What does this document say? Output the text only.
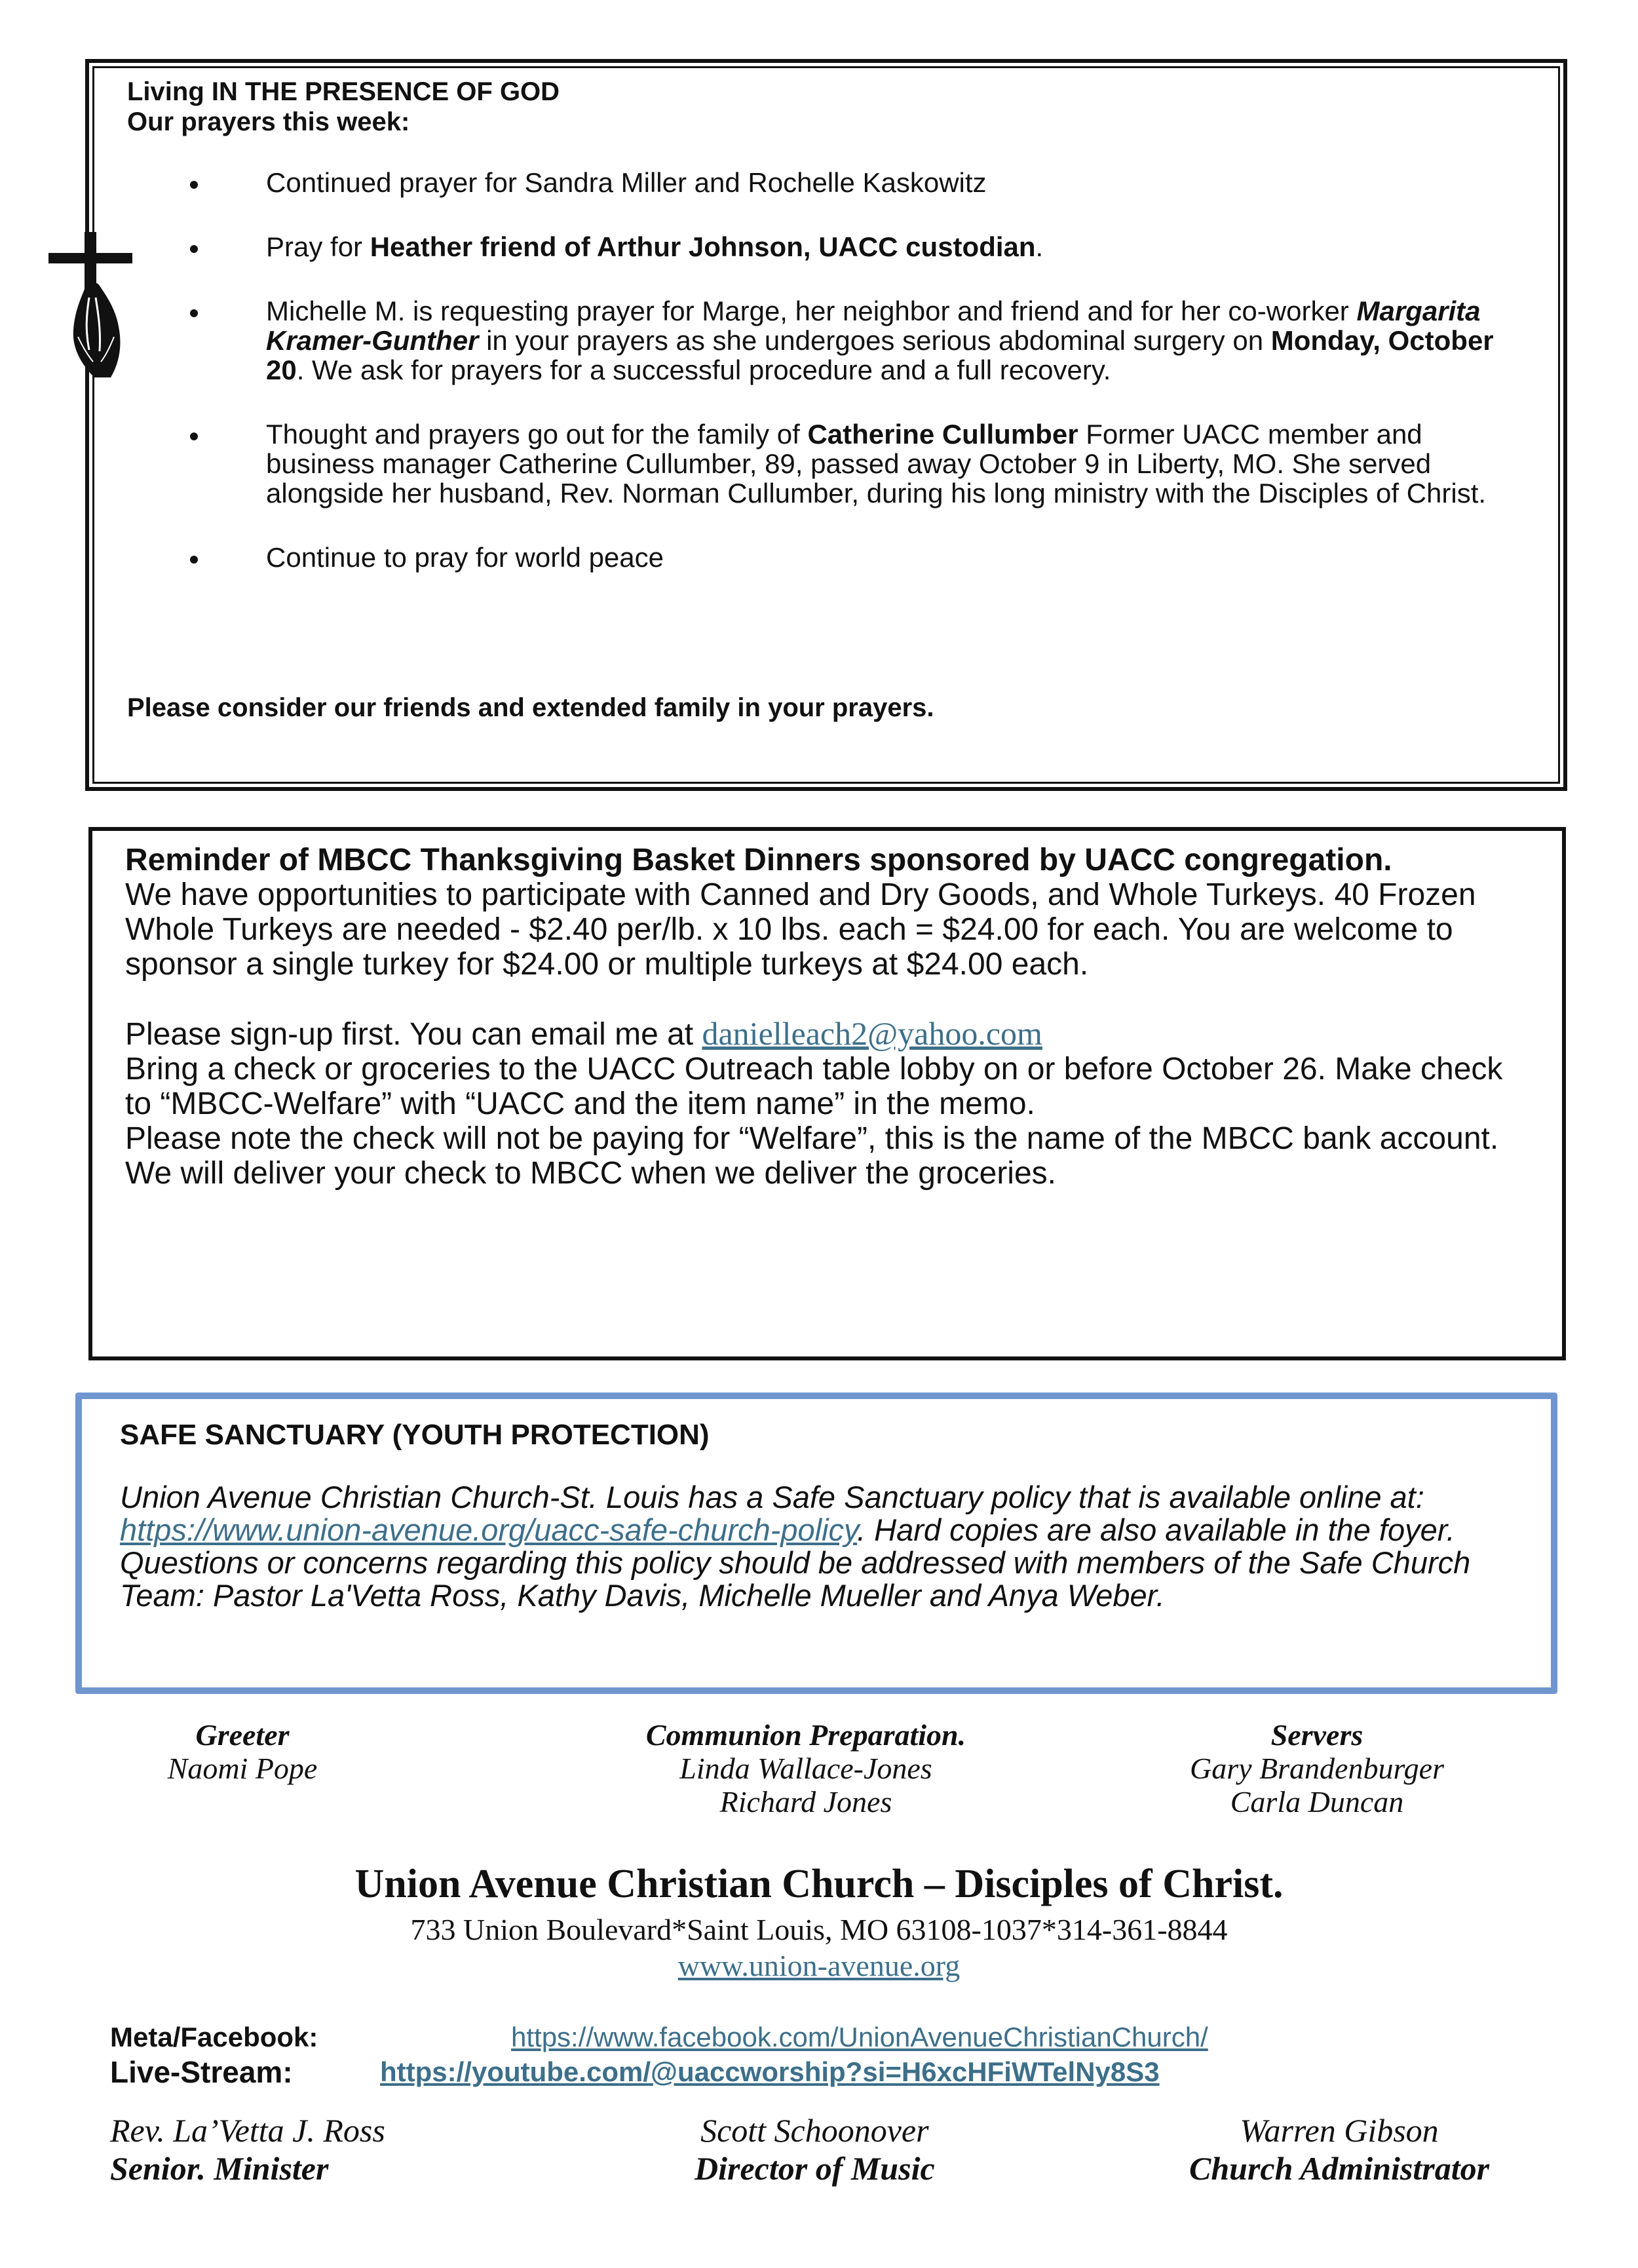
Living IN THE PRESENCE OF GOD
Our prayers this week:
Continued prayer for Sandra Miller and Rochelle Kaskowitz
Pray for Heather friend of Arthur Johnson, UACC custodian.
Michelle M. is requesting prayer for Marge, her neighbor and friend and for her co-worker Margarita Kramer-Gunther in your prayers as she undergoes serious abdominal surgery on Monday, October 20. We ask for prayers for a successful procedure and a full recovery.
Thought and prayers go out for the family of Catherine Cullumber Former UACC member and business manager Catherine Cullumber, 89, passed away October 9 in Liberty, MO. She served alongside her husband, Rev. Norman Cullumber, during his long ministry with the Disciples of Christ.
Continue to pray for world peace
Please consider our friends and extended family in your prayers.
Reminder of MBCC Thanksgiving Basket Dinners sponsored by UACC congregation.
We have opportunities to participate with Canned and Dry Goods, and Whole Turkeys. 40 Frozen Whole Turkeys are needed - $2.40 per/lb. x 10 lbs. each = $24.00 for each. You are welcome to sponsor a single turkey for $24.00 or multiple turkeys at $24.00 each.
Please sign-up first. You can email me at danielleach2@yahoo.com
Bring a check or groceries to the UACC Outreach table lobby on or before October 26. Make check to “MBCC-Welfare” with “UACC and the item name” in the memo.
Please note the check will not be paying for “Welfare”, this is the name of the MBCC bank account. We will deliver your check to MBCC when we deliver the groceries.
SAFE SANCTUARY (YOUTH PROTECTION)
Union Avenue Christian Church-St. Louis has a Safe Sanctuary policy that is available online at: https://www.union-avenue.org/uacc-safe-church-policy. Hard copies are also available in the foyer. Questions or concerns regarding this policy should be addressed with members of the Safe Church Team: Pastor La'Vetta Ross, Kathy Davis, Michelle Mueller and Anya Weber.
Greeter
Naomi Pope
Communion Preparation.
Linda Wallace-Jones
Richard Jones
Servers
Gary Brandenburger
Carla Duncan
Union Avenue Christian Church – Disciples of Christ.
733 Union Boulevard*Saint Louis, MO 63108-1037*314-361-8844
www.union-avenue.org
Meta/Facebook:	https://www.facebook.com/UnionAvenueChristianChurch/
Live-Stream:	https://youtube.com/@uaccworship?si=H6xcHFiWTelNy8S3
Rev. La’Vetta J. Ross
Senior. Minister
Scott Schoonover
Director of Music
Warren Gibson
Church Administrator
